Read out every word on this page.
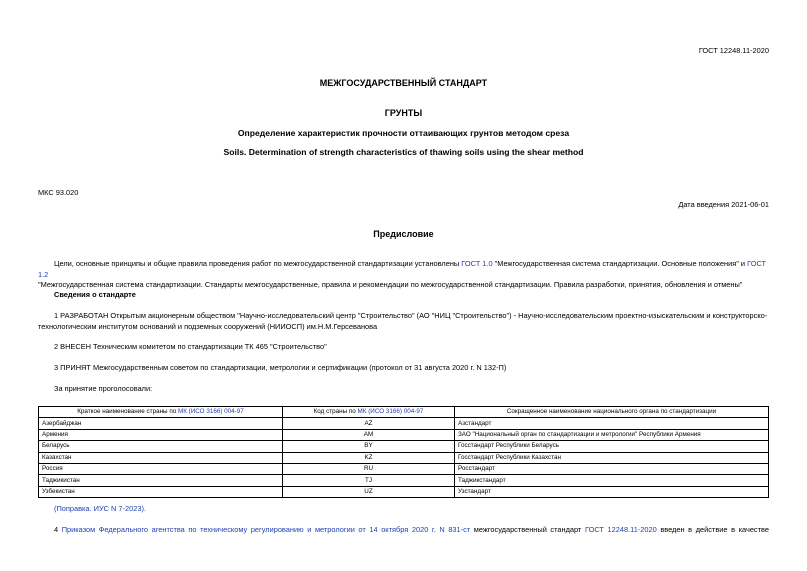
ГОСТ 12248.11-2020
МЕЖГОСУДАРСТВЕННЫЙ СТАНДАРТ
ГРУНТЫ
Определение характеристик прочности оттаивающих грунтов методом среза
Soils. Determination of strength characteristics of thawing soils using the shear method
МКС 93.020
Дата введения 2021-06-01
Предисловие
Цели, основные принципы и общие правила проведения работ по межгосударственной стандартизации установлены ГОСТ 1.0 "Межгосударственная система стандартизации. Основные положения" и ГОСТ 1.2
"Межгосударственная система стандартизации. Стандарты межгосударственные, правила и рекомендации по межгосударственной стандартизации. Правила разработки, принятия, обновления и отмены"
Сведения о стандарте
1 РАЗРАБОТАН Открытым акционерным обществом "Научно-исследовательский центр "Строительство" (АО "НИЦ "Строительство") - Научно-исследовательским проектно-изыскательским и конструкторско-
технологическим институтом оснований и подземных сооружений (НИИОСП) им.Н.М.Герсеванова
2 ВНЕСЕН Техническим комитетом по стандартизации ТК 465 "Строительство"
3 ПРИНЯТ Межгосударственным советом по стандартизации, метрологии и сертификации (протокол от 31 августа 2020 г. N 132-П)
За принятие проголосовали:
Краткое наименование страны по МК (ИСО 3166) 004-97	Код страны по МК (ИСО 3166) 004-97	Сокращенное наименование национального органа по стандартизации
Азербайджан	AZ	Азстандарт
Армения	AM	ЗАО "Национальный орган по стандартизации и метрологии" Республики Армения
Беларусь	BY	Госстандарт Республики Беларусь
Казахстан	KZ	Госстандарт Республики Казахстан
Россия	RU	Росстандарт
Таджикистан	TJ	Таджикстандарт
Узбекистан	UZ	Узстандарт
(Поправка. ИУС N 7-2023).
4 Приказом Федерального агентства по техническому регулированию и метрологии от 14 октября 2020 г. N 831-ст межгосударственный стандарт ГОСТ 12248.11-2020 введен в действие в качестве
